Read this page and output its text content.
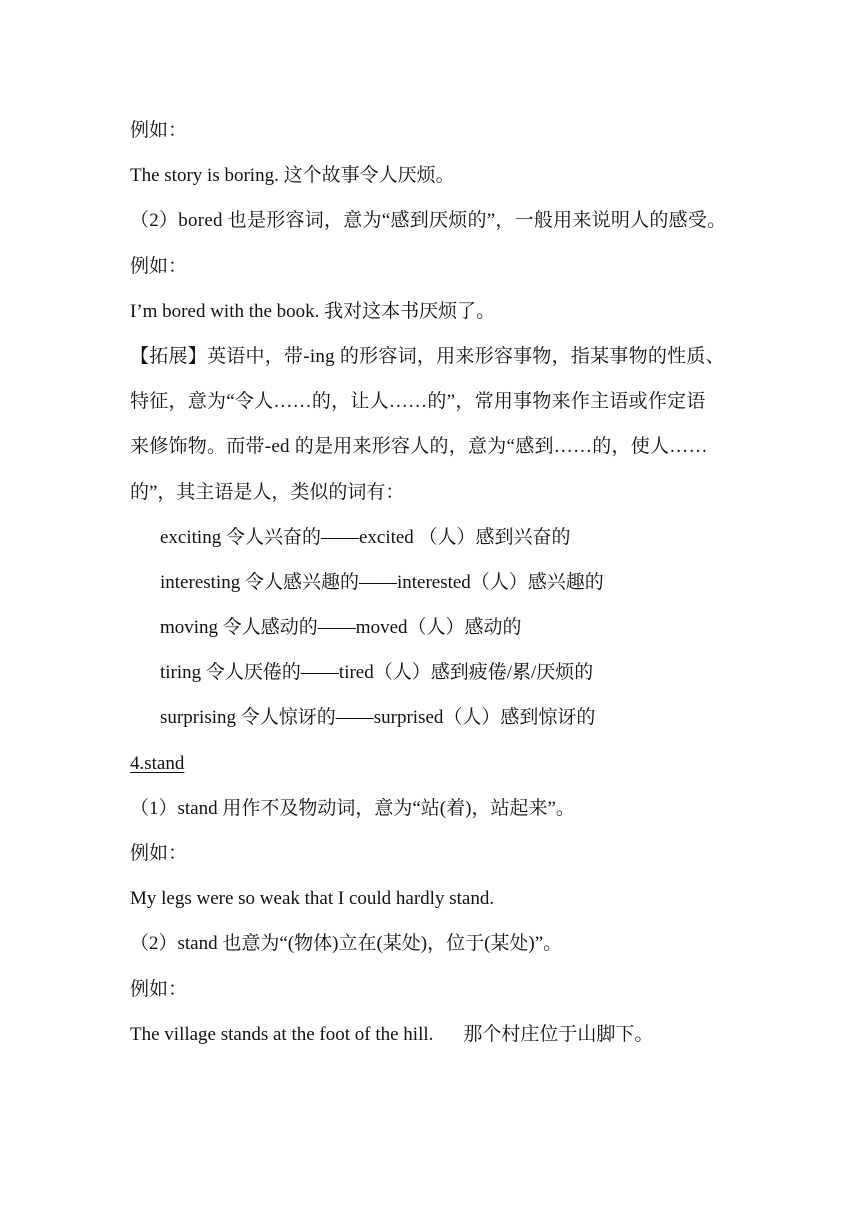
例如：
The story is boring. 这个故事令人厌烦。
（2）bored 也是形容词，意为“感到厌烦的”，一般用来说明人的感受。
例如：
I’m bored with the book. 我对这本书厌烦了。
【拓展】英语中，带-ing 的形容词，用来形容事物，指某事物的性质、
特征，意为“令人……的，让人……的”，常用事物来作主语或作定语
来修饰物。而带-ed 的是用来形容人的，意为“感到……的，使人……
的”，其主语是人，类似的词有：
exciting 令人兴奋的——excited （人）感到兴奋的
interesting 令人感兴趣的——interested（人）感兴趣的
moving 令人感动的——moved（人）感动的
tiring 令人厌倦的——tired（人）感到疲倦/累/厌烦的
surprising 令人惊讶的——surprised（人）感到惊讶的
4.stand
（1）stand 用作不及物动词，意为“站(着)，站起来”。
例如：
My legs were so weak that I could hardly stand.
（2）stand 也意为“(物体)立在(某处)，位于(某处)”。
例如：
The village stands at the foot of the hill. 那个村庄位于山脚下。
